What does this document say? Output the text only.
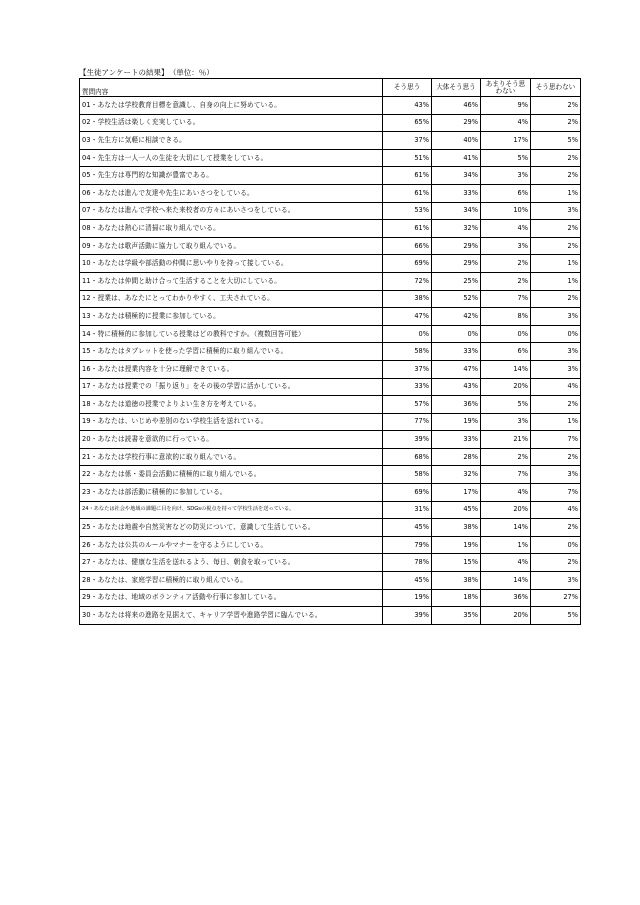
【生徒アンケートの結果】 （単位：％）
質問内容	そう思う	大体そう思う	あまりそう思わない	そう思わない
01・あなたは学校教育目標を意識し、自身の向上に努めている。	43%	46%	9%	2%
02・学校生活は楽しく充実している。	65%	29%	4%	2%
03・先生方に気軽に相談できる。	37%	40%	17%	5%
04・先生方は一人一人の生徒を大切にして授業をしている。	51%	41%	5%	2%
05・先生方は専門的な知識が豊富である。	61%	34%	3%	2%
06・あなたは進んで友達や先生にあいさつをしている。	61%	33%	6%	1%
07・あなたは進んで学校へ来た来校者の方々にあいさつをしている。	53%	34%	10%	3%
08・あなたは熱心に清掃に取り組んでいる。	61%	32%	4%	2%
09・あなたは歌声活動に協力して取り組んでいる。	66%	29%	3%	2%
10・あなたは学級や部活動の仲間に思いやりを持って接している。	69%	29%	2%	1%
11・あなたは仲間と助け合って生活することを大切にしている。	72%	25%	2%	1%
12・授業は、あなたにとってわかりやすく、工夫されている。	38%	52%	7%	2%
13・あなたは積極的に授業に参加している。	47%	42%	8%	3%
14・特に積極的に参加している授業はどの教科ですか。（複数回答可能）	0%	0%	0%	0%
15・あなたはタブレットを使った学習に積極的に取り組んでいる。	58%	33%	6%	3%
16・あなたは授業内容を十分に理解できている。	37%	47%	14%	3%
17・あなたは授業での「振り返り」をその後の学習に活かしている。	33%	43%	20%	4%
18・あなたは道徳の授業でよりよい生き方を考えている。	57%	36%	5%	2%
19・あなたは、いじめや差別のない学校生活を送れている。	77%	19%	3%	1%
20・あなたは読書を意欲的に行っている。	39%	33%	21%	7%
21・あなたは学校行事に意欲的に取り組んでいる。	68%	28%	2%	2%
22・あなたは係・委員会活動に積極的に取り組んでいる。	58%	32%	7%	3%
23・あなたは部活動に積極的に参加している。	69%	17%	4%	7%
24・あなたは社会や地域の課題に目を向け、SDGsの視点を持って学校生活を送っている。	31%	45%	20%	4%
25・あなたは地震や自然災害などの防災について、意識して生活している。	45%	38%	14%	2%
26・あなたは公共のルールやマナーを守るようにしている。	79%	19%	1%	0%
27・あなたは、健康な生活を送れるよう、毎日、朝食を取っている。	78%	15%	4%	2%
28・あなたは、家庭学習に積極的に取り組んでいる。	45%	38%	14%	3%
29・あなたは、地域のボランティア活動や行事に参加している。	19%	18%	36%	27%
30・あなたは将来の進路を見据えて、キャリア学習や進路学習に臨んでいる。	39%	35%	20%	5%
